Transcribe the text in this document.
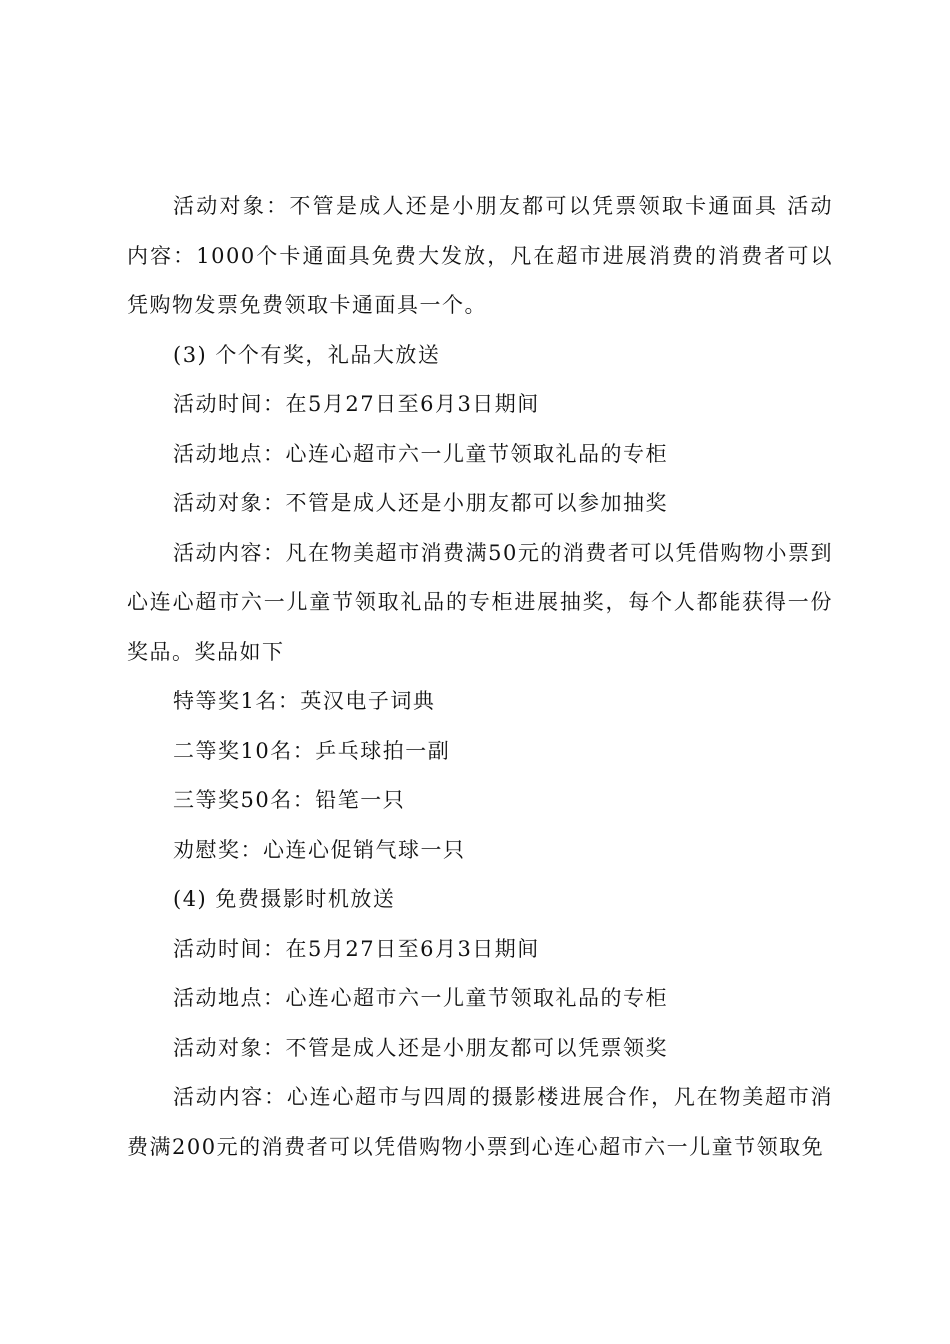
活动对象：不管是成人还是小朋友都可以凭票领取卡通面具 活动内容：1000个卡通面具免费大发放，凡在超市进展消费的消费者可以凭购物发票免费领取卡通面具一个。

(3) 个个有奖，礼品大放送

活动时间：在5月27日至6月3日期间

活动地点：心连心超市六一儿童节领取礼品的专柜

活动对象：不管是成人还是小朋友都可以参加抽奖

活动内容：凡在物美超市消费满50元的消费者可以凭借购物小票到心连心超市六一儿童节领取礼品的专柜进展抽奖，每个人都能获得一份奖品。奖品如下

特等奖1名：英汉电子词典

二等奖10名：乒乓球拍一副

三等奖50名：铅笔一只

劝慰奖：心连心促销气球一只

(4) 免费摄影时机放送

活动时间：在5月27日至6月3日期间

活动地点：心连心超市六一儿童节领取礼品的专柜

活动对象：不管是成人还是小朋友都可以凭票领奖

活动内容：心连心超市与四周的摄影楼进展合作，凡在物美超市消费满200元的消费者可以凭借购物小票到心连心超市六一儿童节领取免
